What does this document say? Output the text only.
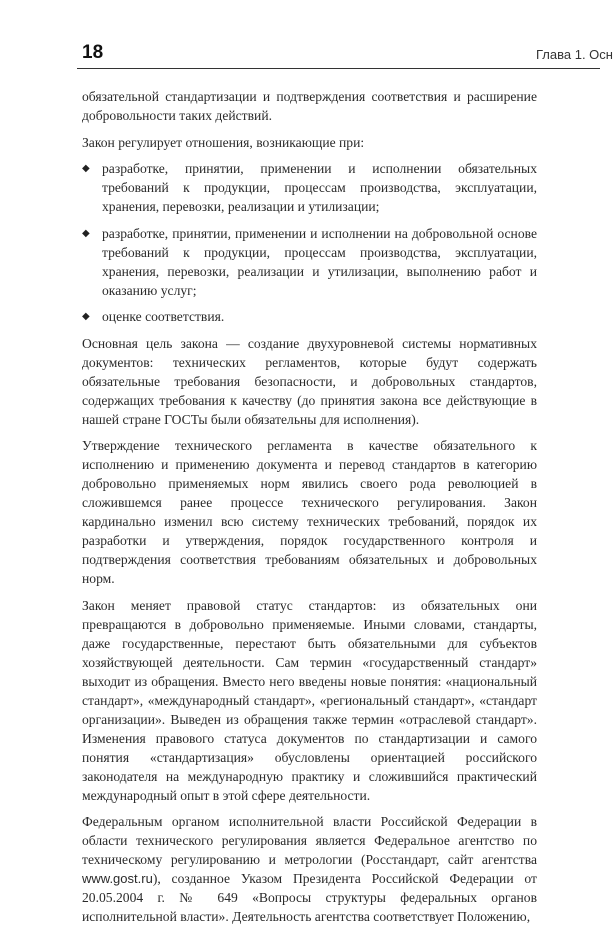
18	Глава 1. Осн

обязательной стандартизации и подтверждения соответствия и расширение добровольности таких действий.

Закон регулирует отношения, возникающие при:

◆ разработке, принятии, применении и исполнении обязательных требований к продукции, процессам производства, эксплуатации, хранения, перевозки, реализации и утилизации;
◆ разработке, принятии, применении и исполнении на добровольной основе требований к продукции, процессам производства, эксплуатации, хранения, перевозки, реализации и утилизации, выполнению работ и оказанию услуг;
◆ оценке соответствия.

Основная цель закона — создание двухуровневой системы нормативных документов: технических регламентов, которые будут содержать обязательные требования безопасности, и добровольных стандартов, содержащих требования к качеству (до принятия закона все действующие в нашей стране ГОСТы были обязательны для исполнения).

Утверждение технического регламента в качестве обязательного к исполнению и применению документа и перевод стандартов в категорию добровольно применяемых норм явились своего рода революцией в сложившемся ранее процессе технического регулирования. Закон кардинально изменил всю систему технических требований, порядок их разработки и утверждения, порядок государственного контроля и подтверждения соответствия требованиям обязательных и добровольных норм.

Закон меняет правовой статус стандартов: из обязательных они превращаются в добровольно применяемые. Иными словами, стандарты, даже государственные, перестают быть обязательными для субъектов хозяйствующей деятельности. Сам термин «государственный стандарт» выходит из обращения. Вместо него введены новые понятия: «национальный стандарт», «международный стандарт», «региональный стандарт», «стандарт организации». Выведен из обращения также термин «отраслевой стандарт». Изменения правового статуса документов по стандартизации и самого понятия «стандартизация» обусловлены ориентацией российского законодателя на международную практику и сложившийся практический международный опыт в этой сфере деятельности.

Федеральным органом исполнительной власти Российской Федерации в области технического регулирования является Федеральное агентство по техническому регулированию и метрологии (Росстандарт, сайт агентства www.gost.ru), созданное Указом Президента Российской Федерации от 20.05.2004 г. № 649 «Вопросы структуры федеральных органов исполнительной власти». Деятельность агентства соответствует Положению,
